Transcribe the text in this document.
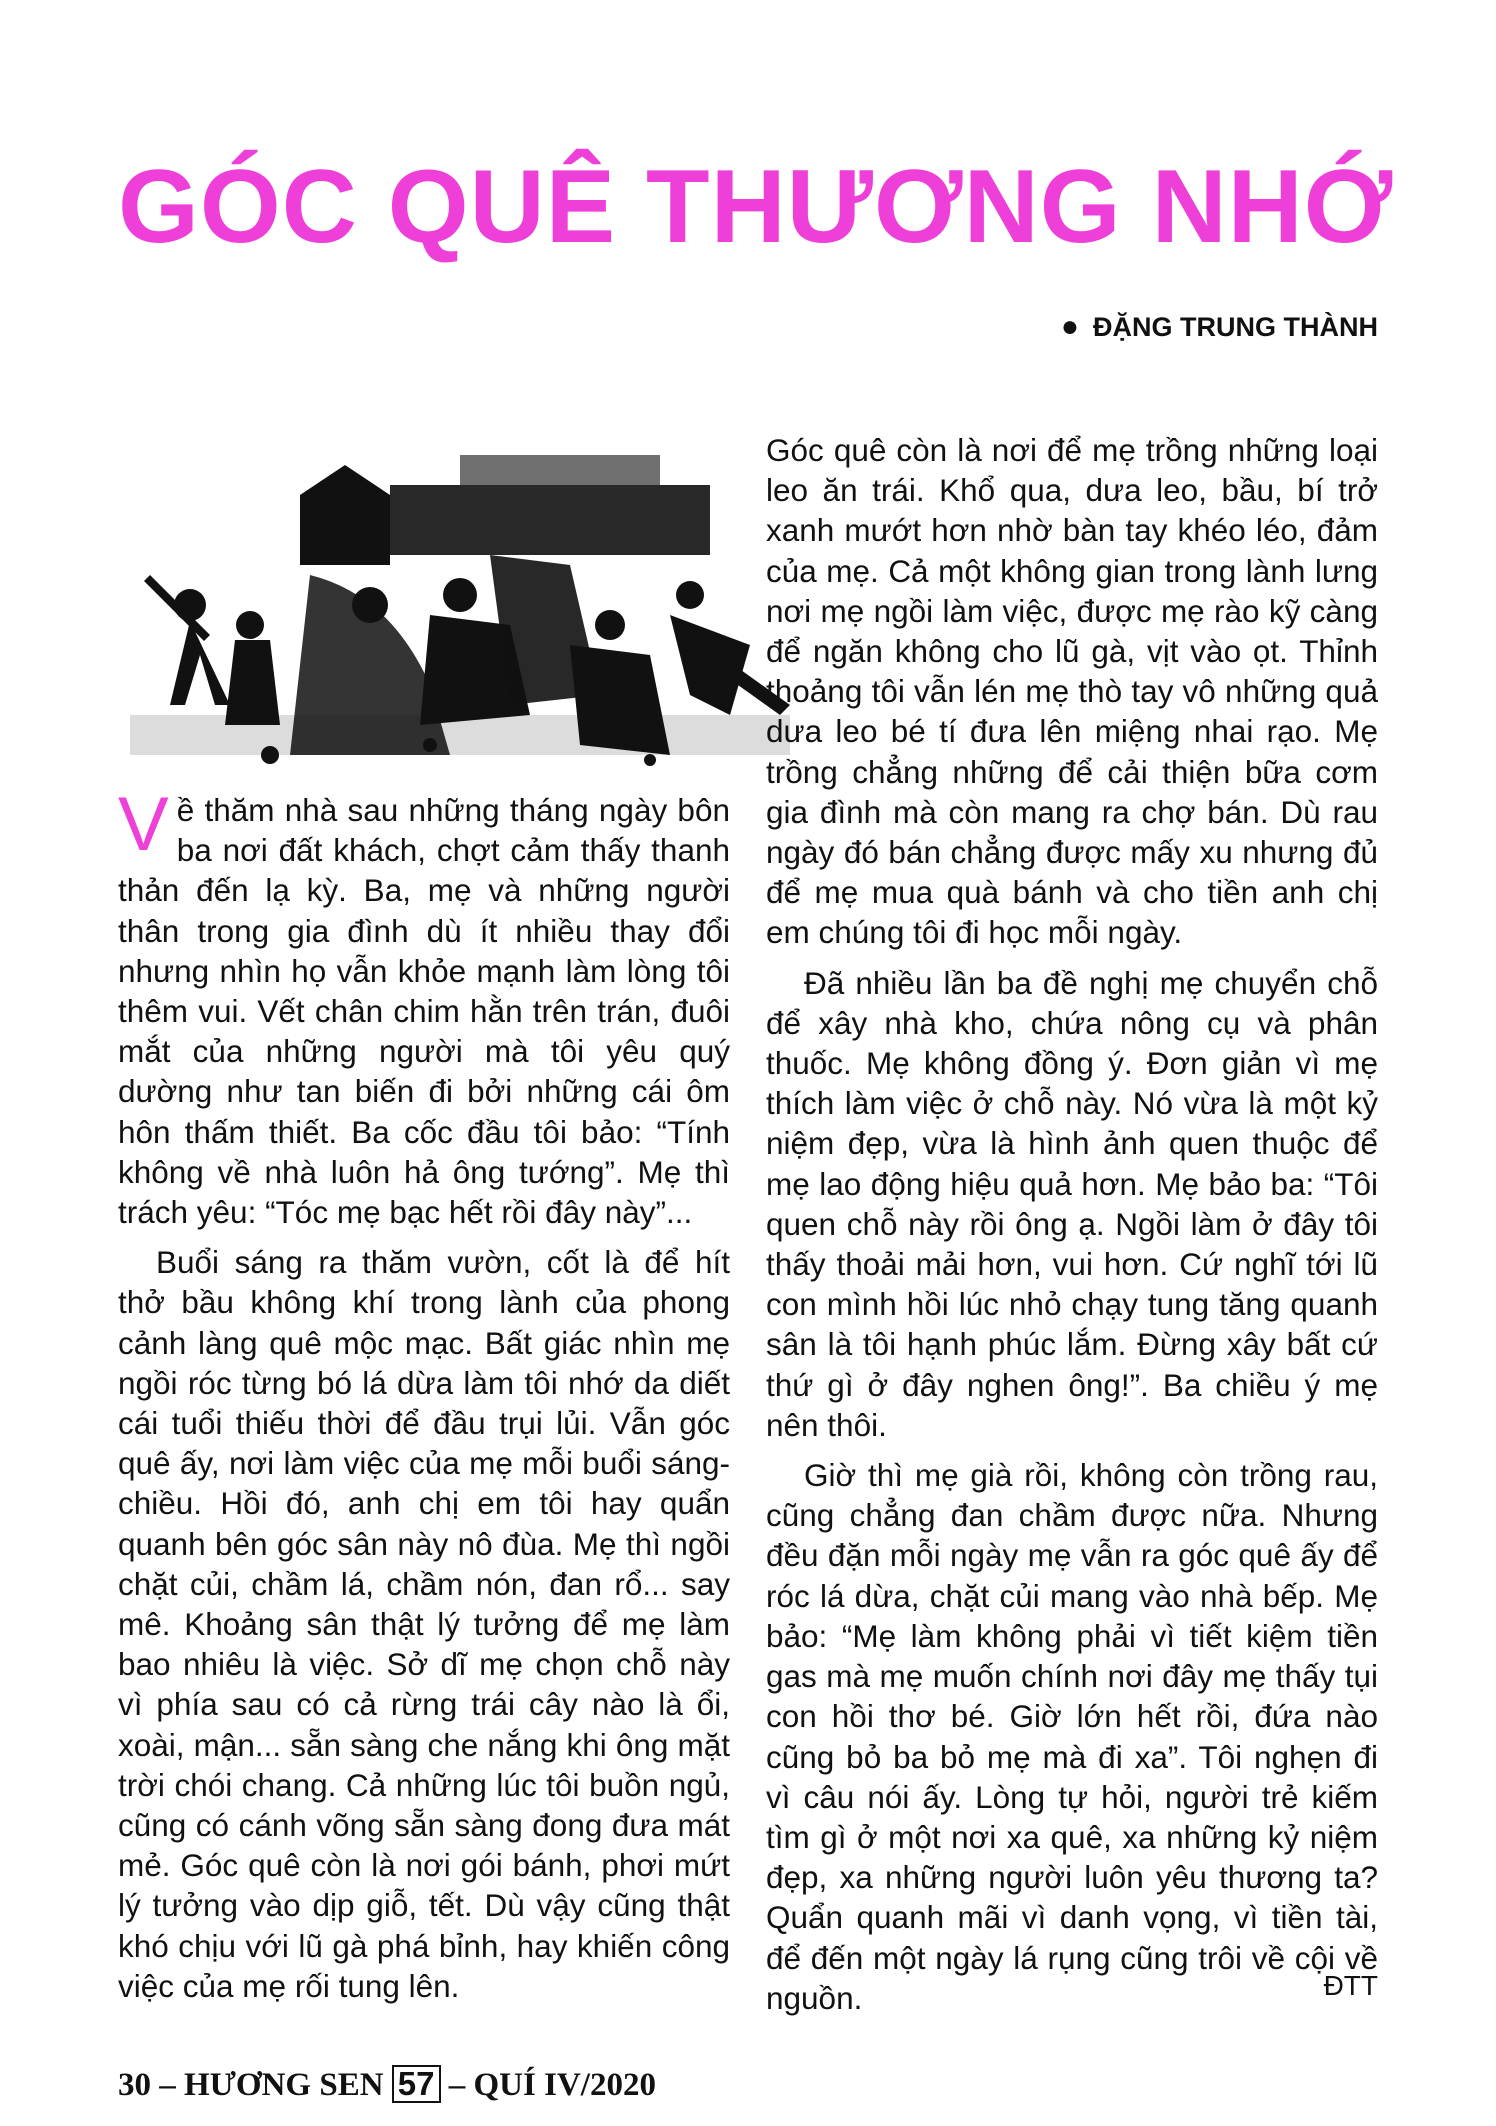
GÓC QUÊ THƯƠNG NHỚ
● ĐẶNG TRUNG THÀNH

Về thăm nhà sau những tháng ngày bôn ba nơi đất khách, chợt cảm thấy thanh thản đến lạ kỳ. Ba, mẹ và những người thân trong gia đình dù ít nhiều thay đổi nhưng nhìn họ vẫn khỏe mạnh làm lòng tôi thêm vui. Vết chân chim hằn trên trán, đuôi mắt của những người mà tôi yêu quý dường như tan biến đi bởi những cái ôm hôn thấm thiết. Ba cốc đầu tôi bảo: “Tính không về nhà luôn hả ông tướng”. Mẹ thì trách yêu: “Tóc mẹ bạc hết rồi đây này”...

Buổi sáng ra thăm vườn, cốt là để hít thở bầu không khí trong lành của phong cảnh làng quê mộc mạc. Bất giác nhìn mẹ ngồi róc từng bó lá dừa làm tôi nhớ da diết cái tuổi thiếu thời để đầu trụi lủi. Vẫn góc quê ấy, nơi làm việc của mẹ mỗi buổi sáng-chiều. Hồi đó, anh chị em tôi hay quẩn quanh bên góc sân này nô đùa. Mẹ thì ngồi chặt củi, chầm lá, chầm nón, đan rổ... say mê. Khoảng sân thật lý tưởng để mẹ làm bao nhiêu là việc. Sở dĩ mẹ chọn chỗ này vì phía sau có cả rừng trái cây nào là ổi, xoài, mận... sẵn sàng che nắng khi ông mặt trời chói chang. Cả những lúc tôi buồn ngủ, cũng có cánh võng sẵn sàng đong đưa mát mẻ. Góc quê còn là nơi gói bánh, phơi mứt lý tưởng vào dịp giỗ, tết. Dù vậy cũng thật khó chịu với lũ gà phá bỉnh, hay khiến công việc của mẹ rối tung lên.

Góc quê còn là nơi để mẹ trồng những loại leo ăn trái. Khổ qua, dưa leo, bầu, bí trở xanh mướt hơn nhờ bàn tay khéo léo, đảm của mẹ. Cả một không gian trong lành lưng nơi mẹ ngồi làm việc, được mẹ rào kỹ càng để ngăn không cho lũ gà, vịt vào ọt. Thỉnh thoảng tôi vẫn lén mẹ thò tay vô những quả dưa leo bé tí đưa lên miệng nhai rạo. Mẹ trồng chẳng những để cải thiện bữa cơm gia đình mà còn mang ra chợ bán. Dù rau ngày đó bán chẳng được mấy xu nhưng đủ để mẹ mua quà bánh và cho tiền anh chị em chúng tôi đi học mỗi ngày.

Đã nhiều lần ba đề nghị mẹ chuyển chỗ để xây nhà kho, chứa nông cụ và phân thuốc. Mẹ không đồng ý. Đơn giản vì mẹ thích làm việc ở chỗ này. Nó vừa là một kỷ niệm đẹp, vừa là hình ảnh quen thuộc để mẹ lao động hiệu quả hơn. Mẹ bảo ba: “Tôi quen chỗ này rồi ông ạ. Ngồi làm ở đây tôi thấy thoải mải hơn, vui hơn. Cứ nghĩ tới lũ con mình hồi lúc nhỏ chạy tung tăng quanh sân là tôi hạnh phúc lắm. Đừng xây bất cứ thứ gì ở đây nghen ông!”. Ba chiều ý mẹ nên thôi.

Giờ thì mẹ già rồi, không còn trồng rau, cũng chẳng đan chầm được nữa. Nhưng đều đặn mỗi ngày mẹ vẫn ra góc quê ấy để róc lá dừa, chặt củi mang vào nhà bếp. Mẹ bảo: “Mẹ làm không phải vì tiết kiệm tiền gas mà mẹ muốn chính nơi đây mẹ thấy tụi con hồi thơ bé. Giờ lớn hết rồi, đứa nào cũng bỏ ba bỏ mẹ mà đi xa”. Tôi nghẹn đi vì câu nói ấy. Lòng tự hỏi, người trẻ kiếm tìm gì ở một nơi xa quê, xa những kỷ niệm đẹp, xa những người luôn yêu thương ta? Quẩn quanh mãi vì danh vọng, vì tiền tài, để đến một ngày lá rụng cũng trôi về cội về nguồn.	ĐTT
30 – HƯƠNG SEN 57 – QUÍ IV/2020
